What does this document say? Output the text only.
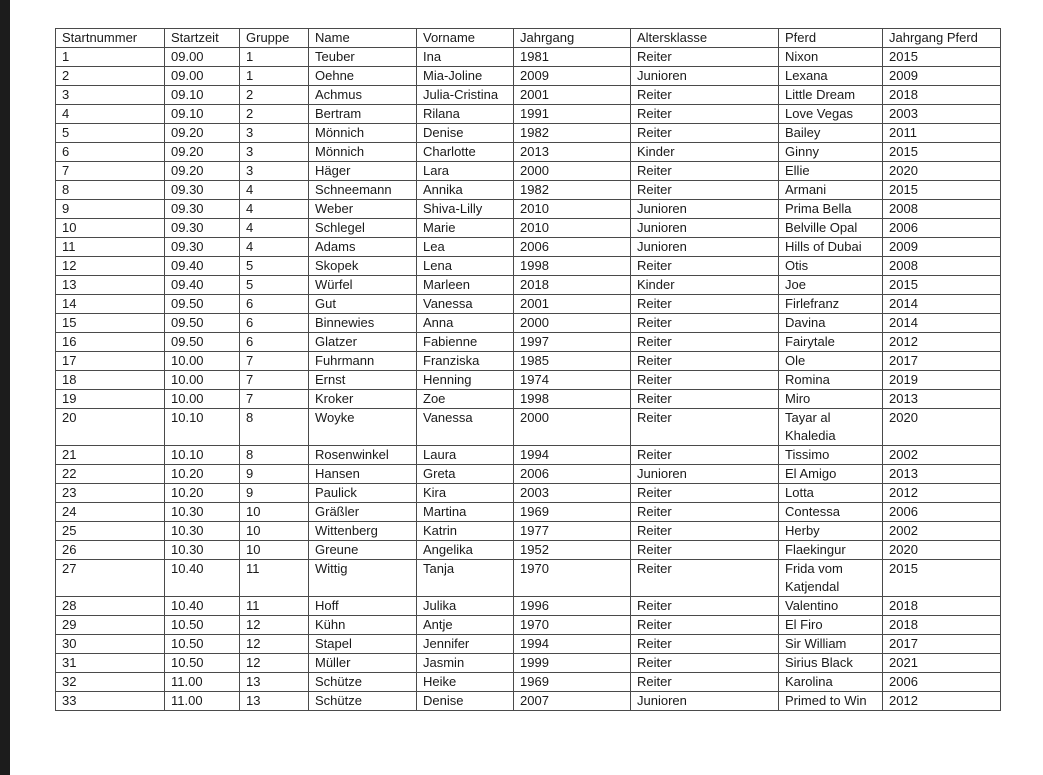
Startnummer	Startzeit	Gruppe	Name	Vorname	Jahrgang	Altersklasse	Pferd	Jahrgang Pferd
1	09.00	1	Teuber	Ina	1981	Reiter	Nixon	2015
2	09.00	1	Oehne	Mia-Joline	2009	Junioren	Lexana	2009
3	09.10	2	Achmus	Julia-Cristina	2001	Reiter	Little Dream	2018
4	09.10	2	Bertram	Rilana	1991	Reiter	Love Vegas	2003
5	09.20	3	Mönnich	Denise	1982	Reiter	Bailey	2011
6	09.20	3	Mönnich	Charlotte	2013	Kinder	Ginny	2015
7	09.20	3	Häger	Lara	2000	Reiter	Ellie	2020
8	09.30	4	Schneemann	Annika	1982	Reiter	Armani	2015
9	09.30	4	Weber	Shiva-Lilly	2010	Junioren	Prima Bella	2008
10	09.30	4	Schlegel	Marie	2010	Junioren	Belville Opal	2006
11	09.30	4	Adams	Lea	2006	Junioren	Hills of Dubai	2009
12	09.40	5	Skopek	Lena	1998	Reiter	Otis	2008
13	09.40	5	Würfel	Marleen	2018	Kinder	Joe	2015
14	09.50	6	Gut	Vanessa	2001	Reiter	Firlefranz	2014
15	09.50	6	Binnewies	Anna	2000	Reiter	Davina	2014
16	09.50	6	Glatzer	Fabienne	1997	Reiter	Fairytale	2012
17	10.00	7	Fuhrmann	Franziska	1985	Reiter	Ole	2017
18	10.00	7	Ernst	Henning	1974	Reiter	Romina	2019
19	10.00	7	Kroker	Zoe	1998	Reiter	Miro	2013
20	10.10	8	Woyke	Vanessa	2000	Reiter	Tayar al Khaledia	2020
21	10.10	8	Rosenwinkel	Laura	1994	Reiter	Tissimo	2002
22	10.20	9	Hansen	Greta	2006	Junioren	El Amigo	2013
23	10.20	9	Paulick	Kira	2003	Reiter	Lotta	2012
24	10.30	10	Gräßler	Martina	1969	Reiter	Contessa	2006
25	10.30	10	Wittenberg	Katrin	1977	Reiter	Herby	2002
26	10.30	10	Greune	Angelika	1952	Reiter	Flaekingur	2020
27	10.40	11	Wittig	Tanja	1970	Reiter	Frida vom Katjendal	2015
28	10.40	11	Hoff	Julika	1996	Reiter	Valentino	2018
29	10.50	12	Kühn	Antje	1970	Reiter	El Firo	2018
30	10.50	12	Stapel	Jennifer	1994	Reiter	Sir William	2017
31	10.50	12	Müller	Jasmin	1999	Reiter	Sirius Black	2021
32	11.00	13	Schütze	Heike	1969	Reiter	Karolina	2006
33	11.00	13	Schütze	Denise	2007	Junioren	Primed to Win	2012
